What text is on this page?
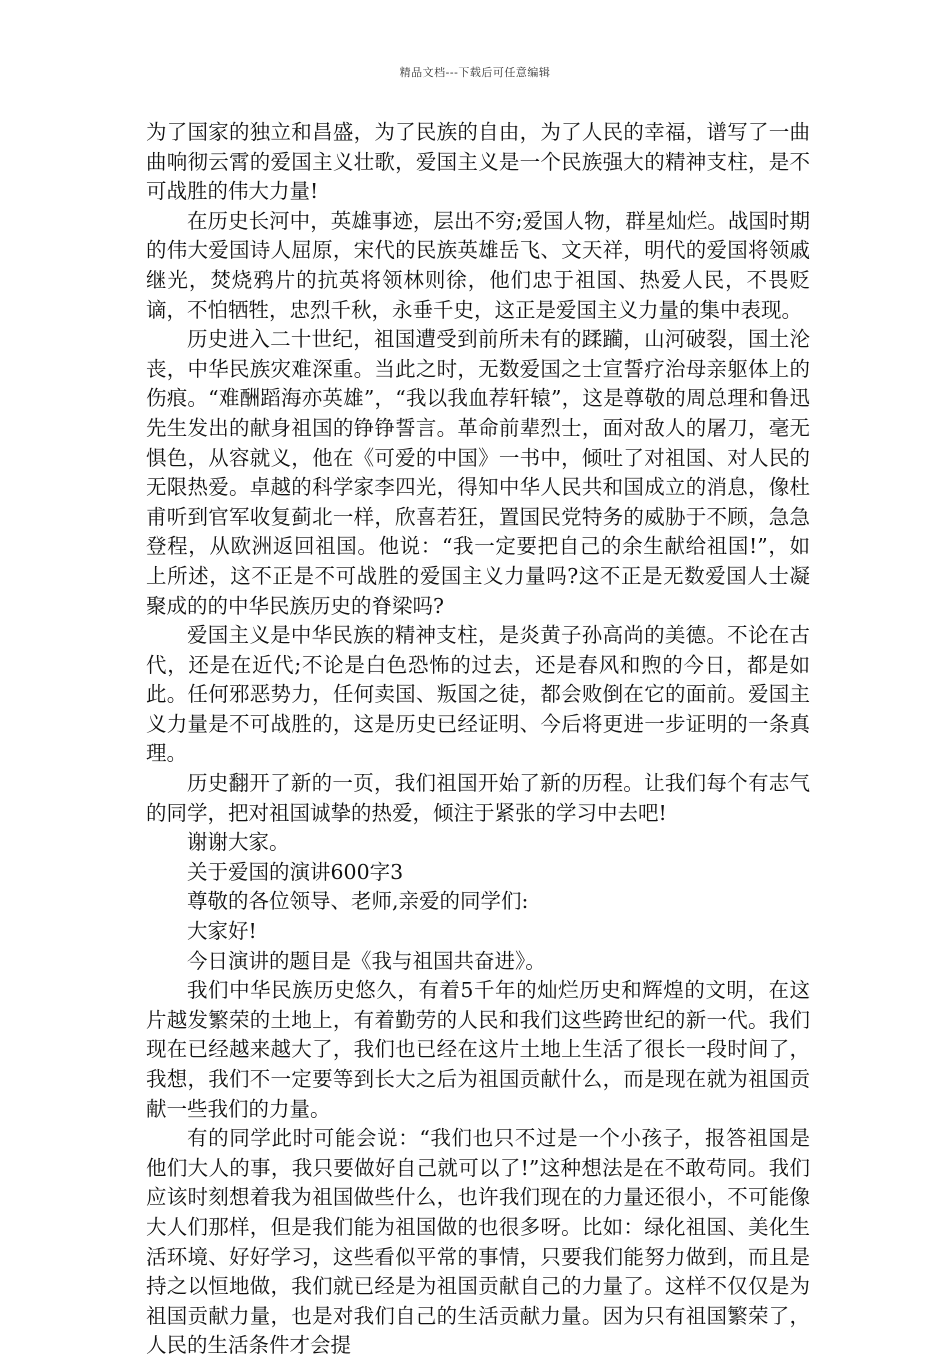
精品文档---下载后可任意编辑

为了国家的独立和昌盛，为了民族的自由，为了人民的幸福，谱写了一曲曲响彻云霄的爱国主义壮歌，爱国主义是一个民族强大的精神支柱，是不可战胜的伟大力量!

在历史长河中，英雄事迹，层出不穷;爱国人物，群星灿烂。战国时期的伟大爱国诗人屈原，宋代的民族英雄岳飞、文天祥，明代的爱国将领戚继光，焚烧鸦片的抗英将领林则徐，他们忠于祖国、热爱人民，不畏贬谪，不怕牺牲，忠烈千秋，永垂千史，这正是爱国主义力量的集中表现。

历史进入二十世纪，祖国遭受到前所未有的蹂躏，山河破裂，国土沦丧，中华民族灾难深重。当此之时，无数爱国之士宣誓疗治母亲躯体上的伤痕。“难酬蹈海亦英雄”，“我以我血荐轩辕”，这是尊敬的周总理和鲁迅先生发出的献身祖国的铮铮誓言。革命前辈烈士，面对敌人的屠刀，毫无惧色，从容就义，他在《可爱的中国》一书中，倾吐了对祖国、对人民的无限热爱。卓越的科学家李四光，得知中华人民共和国成立的消息，像杜甫听到官军收复蓟北一样，欣喜若狂，置国民党特务的威胁于不顾，急急登程，从欧洲返回祖国。他说：“我一定要把自己的余生献给祖国!”，如上所述，这不正是不可战胜的爱国主义力量吗?这不正是无数爱国人士凝聚成的的中华民族历史的脊梁吗?

爱国主义是中华民族的精神支柱，是炎黄子孙高尚的美德。不论在古代，还是在近代;不论是白色恐怖的过去，还是春风和煦的今日，都是如此。任何邪恶势力，任何卖国、叛国之徒，都会败倒在它的面前。爱国主义力量是不可战胜的，这是历史已经证明、今后将更进一步证明的一条真理。

历史翻开了新的一页，我们祖国开始了新的历程。让我们每个有志气的同学，把对祖国诚挚的热爱，倾注于紧张的学习中去吧!

谢谢大家。

关于爱国的演讲600字3

尊敬的各位领导、老师,亲爱的同学们:

大家好!

今日演讲的题目是《我与祖国共奋进》。

我们中华民族历史悠久，有着5千年的灿烂历史和辉煌的文明，在这片越发繁荣的土地上，有着勤劳的人民和我们这些跨世纪的新一代。我们现在已经越来越大了，我们也已经在这片土地上生活了很长一段时间了，我想，我们不一定要等到长大之后为祖国贡献什么，而是现在就为祖国贡献一些我们的力量。

有的同学此时可能会说：“我们也只不过是一个小孩子，报答祖国是他们大人的事，我只要做好自己就可以了!”这种想法是在不敢苟同。我们应该时刻想着我为祖国做些什么，也许我们现在的力量还很小，不可能像大人们那样，但是我们能为祖国做的也很多呀。比如：绿化祖国、美化生活环境、好好学习，这些看似平常的事情，只要我们能努力做到，而且是持之以恒地做，我们就已经是为祖国贡献自己的力量了。这样不仅仅是为祖国贡献力量，也是对我们自己的生活贡献力量。因为只有祖国繁荣了，人民的生活条件才会提
